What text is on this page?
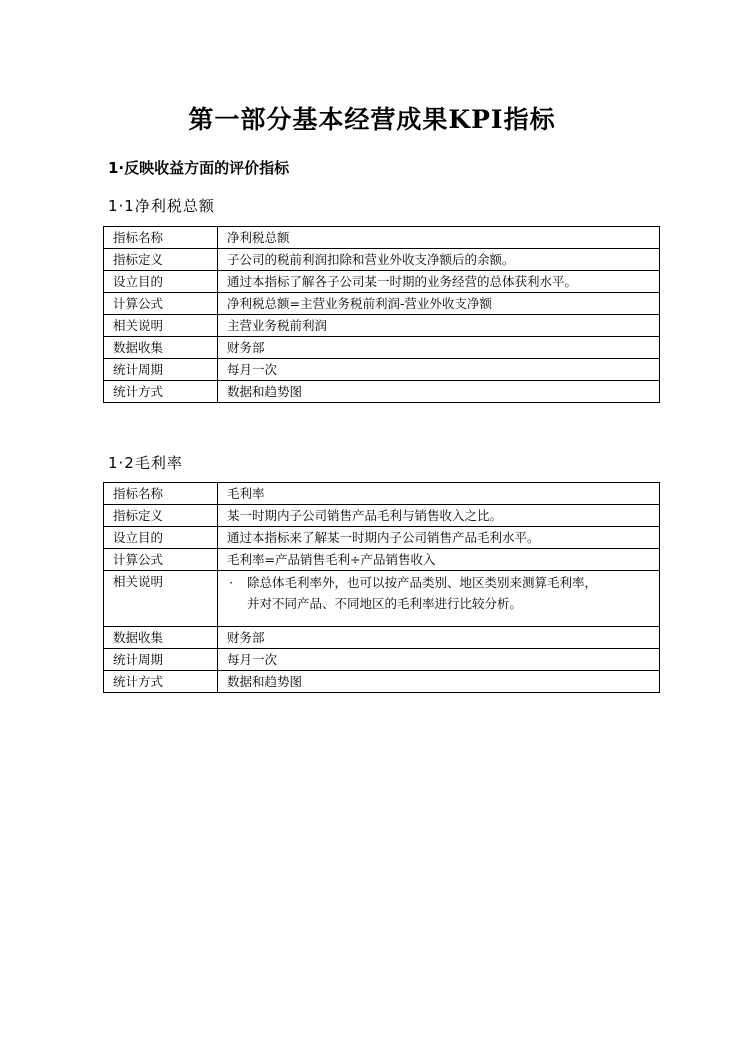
第一部分基本经营成果KPI指标
1·反映收益方面的评价指标
1·1净利税总额
指标名称	净利税总额
指标定义	子公司的税前利润扣除和营业外收支净额后的余额。
设立目的	通过本指标了解各子公司某一时期的业务经营的总体获利水平。
计算公式	净利税总额=主营业务税前利润-营业外收支净额
相关说明	主营业务税前利润
数据收集	财务部
统计周期	每月一次
统计方式	数据和趋势图
1·2毛利率
指标名称	毛利率
指标定义	某一时期内子公司销售产品毛利与销售收入之比。
设立目的	通过本指标来了解某一时期内子公司销售产品毛利水平。
计算公式	毛利率=产品销售毛利÷产品销售收入
相关说明	· 除总体毛利率外，也可以按产品类别、地区类别来测算毛利率，
并对不同产品、不同地区的毛利率进行比较分析。

数据收集	财务部
统计周期	每月一次
统计方式	数据和趋势图
